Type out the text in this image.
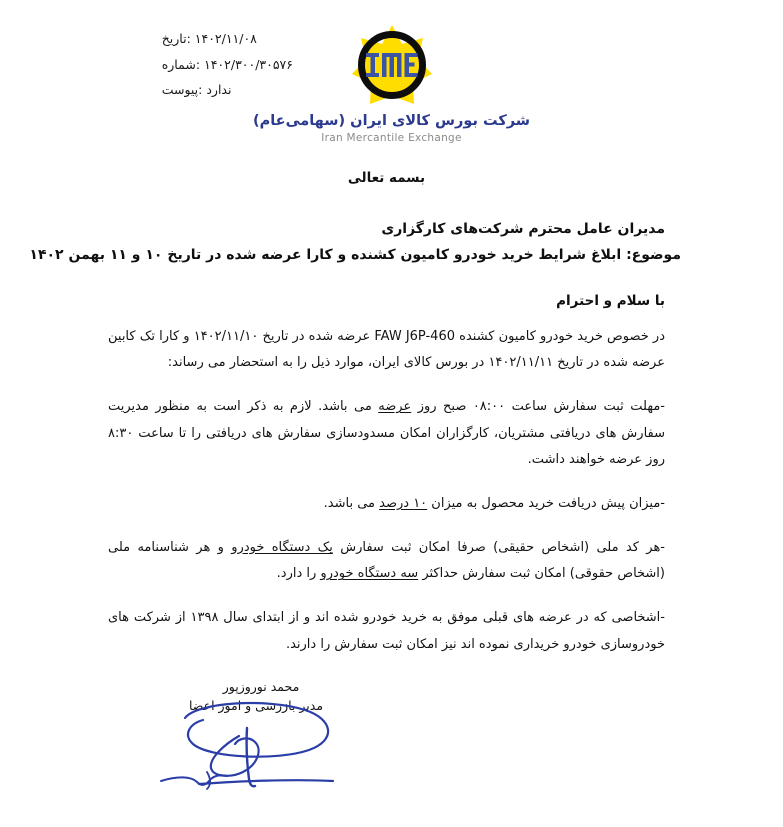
۱۴۰۲/۱۱/۰۸ :تاریخ
۱۴۰۲/۳۰۰/۳۰۵۷۶ :شماره
ندارد :پیوست
شرکت بورس کالای ایران (سهامی‌عام)
Iran Mercantile Exchange
بسمه تعالی
مدیران عامل محترم شرکت‌های کارگزاری
موضوع: ابلاغ شرایط خرید خودرو کامیون کشنده و کارا عرضه شده در تاریخ ۱۰ و ۱۱ بهمن ۱۴۰۲
با سلام و احترام
در خصوص خرید خودرو کامیون کشنده FAW J6P-460 عرضه شده در تاریخ ۱۴۰۲/۱۱/۱۰ و کارا تک کابین عرضه شده در تاریخ ۱۴۰۲/۱۱/۱۱ در بورس کالای ایران، موارد ذیل را به استحضار می رساند:
-مهلت ثبت سفارش ساعت ۰۸:۰۰ صبح روز عرضه می باشد. لازم به ذکر است به منظور مدیریت سفارش های دریافتی مشتریان، کارگزاران امکان مسدودسازی سفارش های دریافتی را تا ساعت ۸:۳۰ روز عرضه خواهند داشت.
-میزان پیش دریافت خرید محصول به میزان ۱۰ درصد می باشد.
-هر کد ملی (اشخاص حقیقی) صرفا امکان ثبت سفارش یک دستگاه خودرو و هر شناسنامه ملی (اشخاص حقوقی) امکان ثبت سفارش حداکثر سه دستگاه خودرو را دارد.
-اشخاصی که در عرضه های قبلی موفق به خرید خودرو شده اند و از ابتدای سال ۱۳۹۸ از شرکت های خودروسازی خودرو خریداری نموده اند نیز امکان ثبت سفارش را دارند.
محمد نوروزپور
مدیر بازرسی و امور اعضا
